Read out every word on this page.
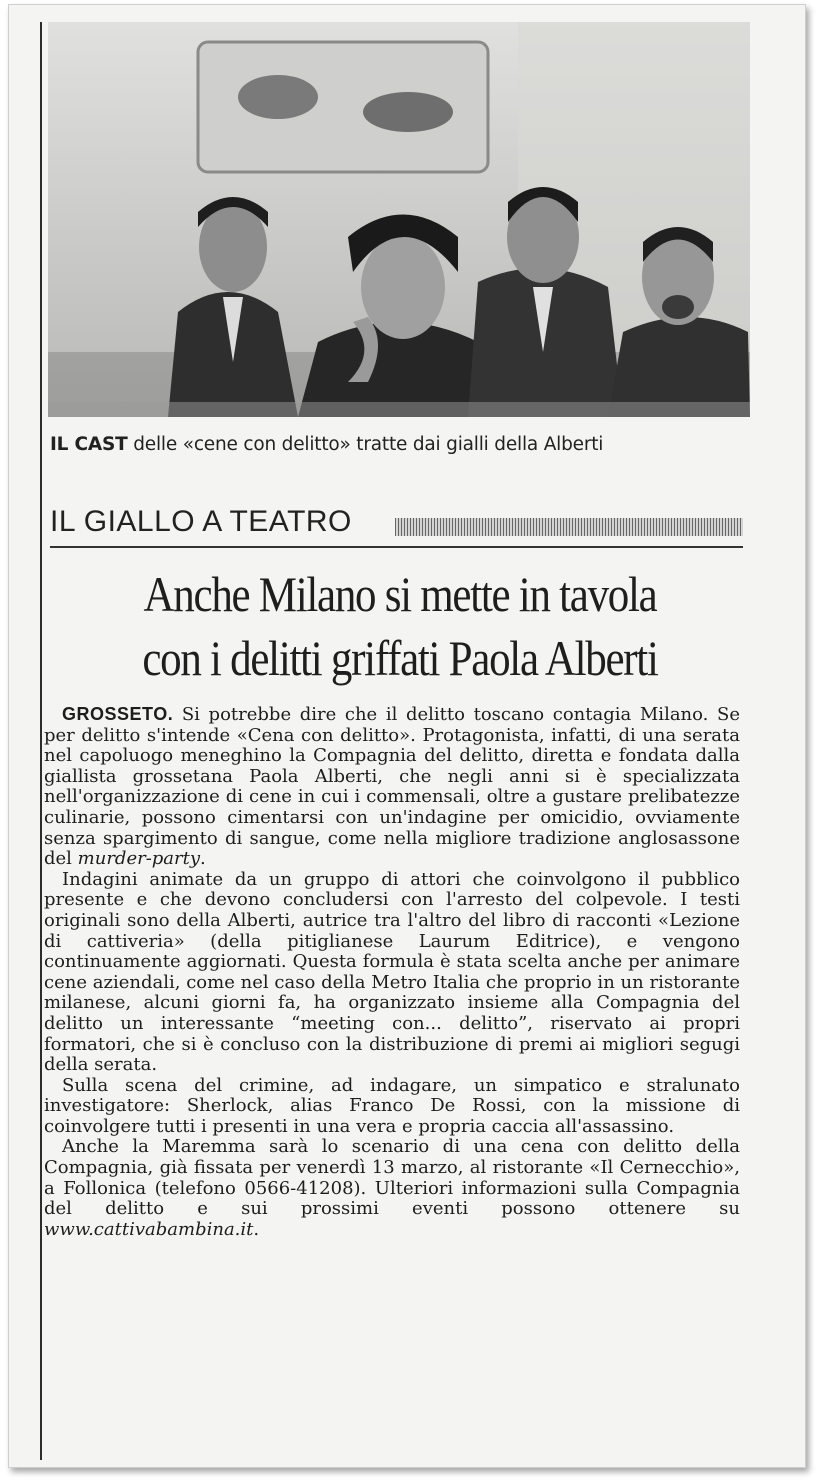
IL CAST delle «cene con delitto» tratte dai gialli della Alberti
IL GIALLO A TEATRO
Anche Milano si mette in tavola
con i delitti griffati Paola Alberti

GROSSETO. Si potrebbe dire che il delitto toscano contagia Milano. Se per delitto s'intende «Cena con delitto». Protagonista, infatti, di una serata nel capoluogo meneghino la Compagnia del delitto, diretta e fondata dalla giallista grossetana Paola Alberti, che negli anni si è specializzata nell'organizzazione di cene in cui i commensali, oltre a gustare prelibatezze culinarie, possono cimentarsi con un'indagine per omicidio, ovviamente senza spargimento di sangue, come nella migliore tradizione anglosassone del murder-party.

Indagini animate da un gruppo di attori che coinvolgono il pubblico presente e che devono concludersi con l'arresto del colpevole. I testi originali sono della Alberti, autrice tra l'altro del libro di racconti «Lezione di cattiveria» (della pitiglianese Laurum Editrice), e vengono continuamente aggiornati. Questa formula è stata scelta anche per animare cene aziendali, come nel caso della Metro Italia che proprio in un ristorante milanese, alcuni giorni fa, ha organizzato insieme alla Compagnia del delitto un interessante “meeting con... delitto”, riservato ai propri formatori, che si è concluso con la distribuzione di premi ai migliori segugi della serata.

Sulla scena del crimine, ad indagare, un simpatico e stralunato investigatore: Sherlock, alias Franco De Rossi, con la missione di coinvolgere tutti i presenti in una vera e propria caccia all'assassino.

Anche la Maremma sarà lo scenario di una cena con delitto della Compagnia, già fissata per venerdì 13 marzo, al ristorante «Il Cernecchio», a Follonica (telefono 0566-41208). Ulteriori informazioni sulla Compagnia del delitto e sui prossimi eventi possono ottenere su www.cattivabambina.it.
